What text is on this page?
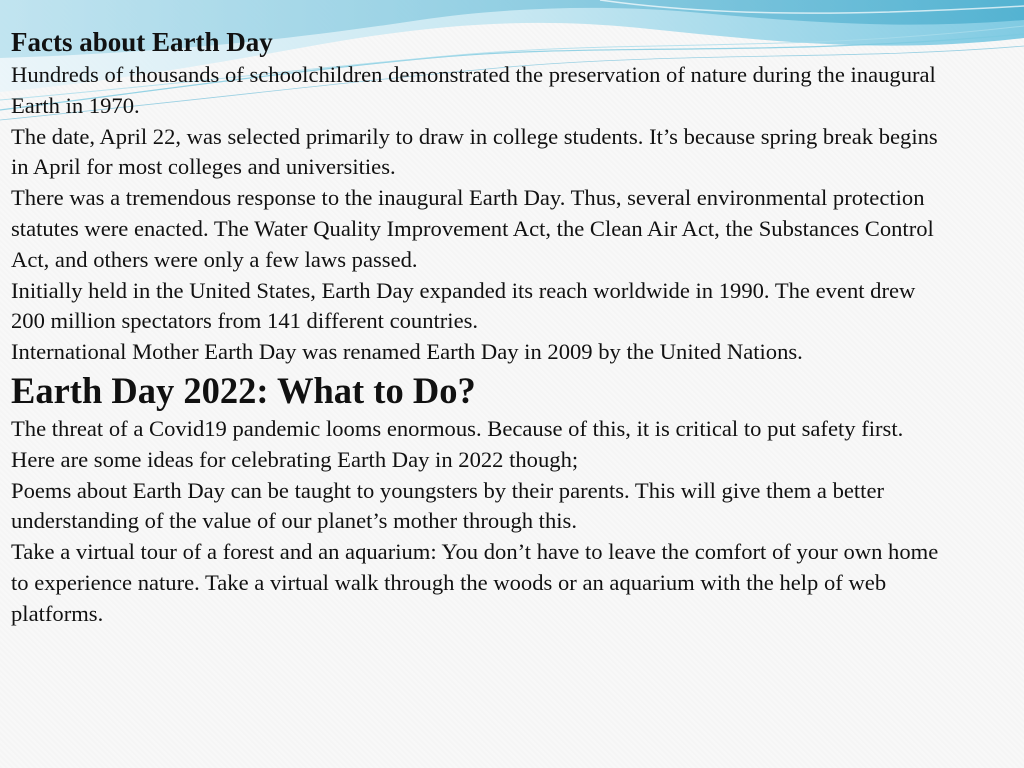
Facts about Earth Day

Hundreds of thousands of schoolchildren demonstrated the preservation of nature during the inaugural Earth in 1970.

The date, April 22, was selected primarily to draw in college students. It’s because spring break begins in April for most colleges and universities.

There was a tremendous response to the inaugural Earth Day. Thus, several environmental protection statutes were enacted. The Water Quality Improvement Act, the Clean Air Act, the Substances Control Act, and others were only a few laws passed.

Initially held in the United States, Earth Day expanded its reach worldwide in 1990. The event drew 200 million spectators from 141 different countries.

International Mother Earth Day was renamed Earth Day in 2009 by the United Nations.

Earth Day 2022: What to Do?

The threat of a Covid19 pandemic looms enormous. Because of this, it is critical to put safety first. Here are some ideas for celebrating Earth Day in 2022 though;

Poems about Earth Day can be taught to youngsters by their parents. This will give them a better understanding of the value of our planet’s mother through this.

Take a virtual tour of a forest and an aquarium: You don’t have to leave the comfort of your own home to experience nature. Take a virtual walk through the woods or an aquarium with the help of web platforms.
